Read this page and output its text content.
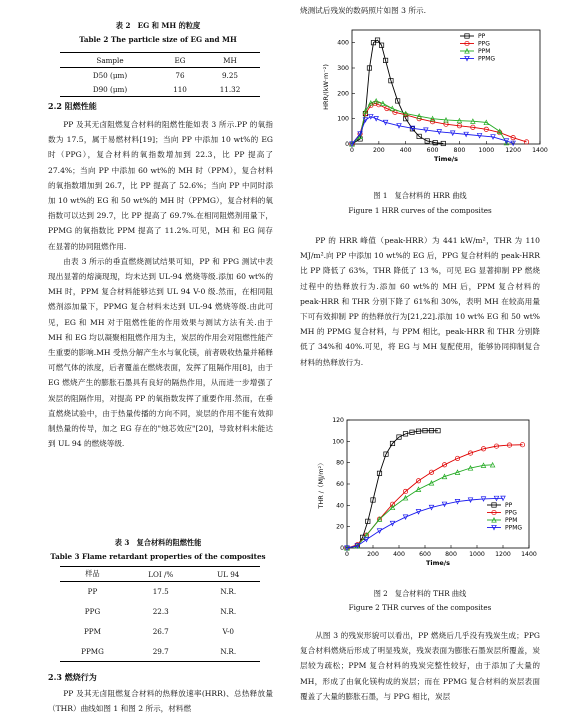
表 2　EG 和 MH 的粒度
Table 2 The particle size of EG and MH
Sample	EG	MH
D50 (μm)	76	9.25
D90 (μm)	110	11.32
2.2 阻燃性能

PP 及其无卤阻燃复合材料的阻燃性能如表 3 所示.PP 的氧指数为 17.5，属于易燃材料[19]；当向 PP 中添加 10 wt%的 EG 时（PPG），复合材料的氧指数增加到 22.3，比 PP 提高了 27.4%；当向 PP 中添加 60 wt%的 MH 时（PPM），复合材料的氧指数增加到 26.7，比 PP 提高了 52.6%；当向 PP 中同时添加 10 wt%的 EG 和 50 wt%的 MH 时（PPMG），复合材料的氧指数可以达到 29.7，比 PP 提高了 69.7%.在相同阻燃剂用量下，PPMG 的氧指数比 PPM 提高了 11.2%.可见，MH 和 EG 间存在显著的协同阻燃作用.

由表 3 所示的垂直燃烧测试结果可知，PP 和 PPG 测试中表现出显著的熔滴现现，均未达到 UL-94 燃烧等级.添加 60 wt%的 MH 时，PPM 复合材料能够达到 UL 94 V-0 级.然而，在相同阻燃剂添加量下，PPMG 复合材料未达到 UL-94 燃烧等级.由此可见，EG 和 MH 对于阻燃性能的作用效果与测试方法有关.由于 MH 和 EG 均以凝聚相阻燃作用为主，炭层的作用会对阻燃性能产生重要的影响.MH 受热分解产生水与氧化镁，前者吸收热量并稀释可燃气体的浓度，后者覆盖在燃烧表面，发挥了阻隔作用[8]，由于 EG 燃烧产生的膨胀石墨具有良好的隔热作用，从而进一步增强了炭层的阻隔作用，对提高 PP 的氧指数发挥了重要作用.然而，在垂直燃烧试验中，由于热量传播的方向不同，炭层的作用不能有效抑制热量的传导，加之 EG 存在的"烛芯效应"[20]，导致材料未能达到 UL 94 的燃烧等级.

表 3　复合材料的阻燃性能
Table 3 Flame retardant properties of the composites
样品	LOI /%	UL 94
PP	17.5	N.R.
PPG	22.3	N.R.
PPM	26.7	V-0
PPMG	29.7	N.R.
2.3 燃烧行为

PP 及其无卤阻燃复合材料的热释放速率(HRR)、总热释放量（THR）曲线如图 1 和图 2 所示，材料燃

烧测试后残炭的数码照片如图 3 所示.
0	200 400 600 800 1000 1200 1400
0
100
200
300
400
Time/s
HRR/(kW·m⁻²)
PP
PPG
PPM
PPMG
图 1　复合材料的 HRR 曲线
Figure 1 HRR curves of the composites

PP 的 HRR 峰值（peak-HRR）为 441 kW/m²，THR 为 110 MJ/m².向 PP 中添加 10 wt%的 EG 后，PPG 复合材料的 peak-HRR 比 PP 降低了 63%，THR 降低了 13 %，可见 EG 显著抑制 PP 燃烧过程中的热释放行为.添加 60 wt%的 MH 后，PPM 复合材料的 peak-HRR 和 THR 分别下降了 61%和 30%，表明 MH 在较高用量下可有效抑制 PP 的热释放行为[21,22].添加 10 wt% EG 和 50 wt% MH 的 PPMG 复合材料，与 PPM 相比，peak-HRR 和 THR 分别降低了 34%和 40%.可见，将 EG 与 MH 复配使用，能够协同抑制复合材料的热释放行为.

0	200 400 600 800 1000 1200 1400
0
20
40
60
80
100
120
Time/s
THR /（MJ/m²）	PP
PPG
PPM
PPMG
图 2　复合材料的 THR 曲线
Figure 2 THR curves of the composites

从图 3 的残炭形貌可以看出，PP 燃烧后几乎没有残炭生成；PPG 复合材料燃烧后形成了明显残炭，残炭表面为膨胀石墨炭层所覆盖，炭层较为疏松；PPM 复合材料的残炭完整性较好，由于添加了大量的 MH，形成了由氧化镁构成的炭层；而在 PPMG 复合材料的炭层表面覆盖了大量的膨胀石墨，与 PPG 相比，炭层
